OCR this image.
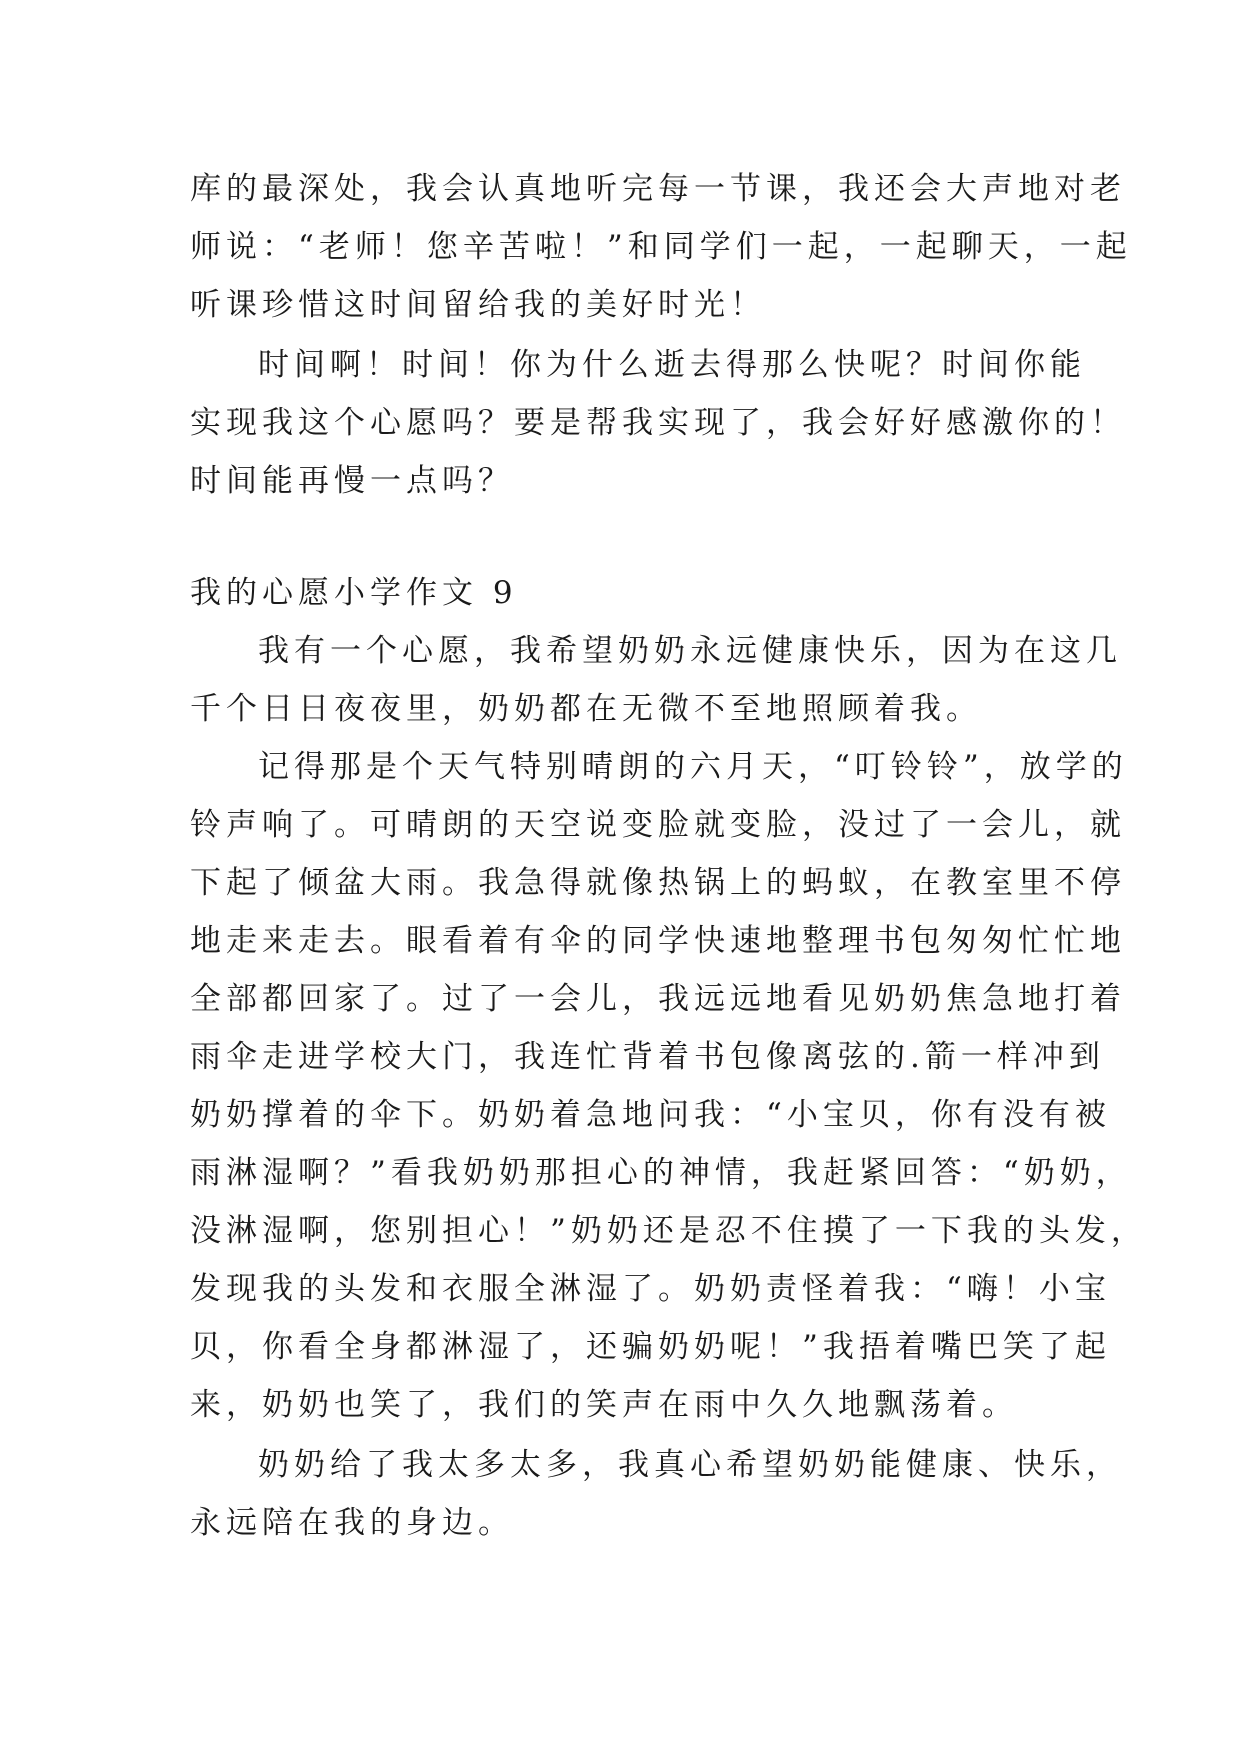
库的最深处，我会认真地听完每一节课，我还会大声地对老
师说：“老师！您辛苦啦！”和同学们一起，一起聊天，一起
听课珍惜这时间留给我的美好时光！
时间啊！时间！你为什么逝去得那么快呢？时间你能
实现我这个心愿吗？要是帮我实现了，我会好好感激你的！
时间能再慢一点吗？
我的心愿小学作文 9
我有一个心愿，我希望奶奶永远健康快乐，因为在这几
千个日日夜夜里，奶奶都在无微不至地照顾着我。
记得那是个天气特别晴朗的六月天，“叮铃铃”，放学的
铃声响了。可晴朗的天空说变脸就变脸，没过了一会儿，就
下起了倾盆大雨。我急得就像热锅上的蚂蚁，在教室里不停
地走来走去。眼看着有伞的同学快速地整理书包匆匆忙忙地
全部都回家了。过了一会儿，我远远地看见奶奶焦急地打着
雨伞走进学校大门，我连忙背着书包像离弦的.箭一样冲到
奶奶撑着的伞下。奶奶着急地问我：“小宝贝，你有没有被
雨淋湿啊？”看我奶奶那担心的神情，我赶紧回答：“奶奶，
没淋湿啊，您别担心！”奶奶还是忍不住摸了一下我的头发，
发现我的头发和衣服全淋湿了。奶奶责怪着我：“嗨！小宝
贝，你看全身都淋湿了，还骗奶奶呢！”我捂着嘴巴笑了起
来，奶奶也笑了，我们的笑声在雨中久久地飘荡着。
奶奶给了我太多太多，我真心希望奶奶能健康、快乐，
永远陪在我的身边。
